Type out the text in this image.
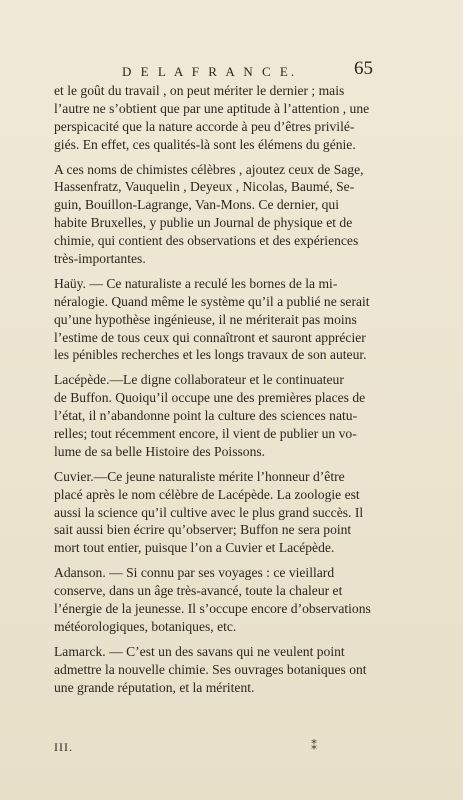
D E L A F R A N C E.	65
et le goût du travail , on peut mériter le dernier ; mais
l’autre ne s’obtient que par une aptitude à l’attention , une
perspicacité que la nature accorde à peu d’êtres privilé-
giés. En effet, ces qualités-là sont les élémens du génie.
A ces noms de chimistes célèbres , ajoutez ceux de Sage,
Hassenfratz, Vauquelin , Deyeux , Nicolas, Baumé, Se-
guin, Bouillon-Lagrange, Van-Mons. Ce dernier, qui
habite Bruxelles, y publie un Journal de physique et de
chimie, qui contient des observations et des expériences
très-importantes.
Haüy. — Ce naturaliste a reculé les bornes de la mi-
néralogie. Quand même le système qu’il a publié ne serait
qu’une hypothèse ingénieuse, il ne mériterait pas moins
l’estime de tous ceux qui connaîtront et sauront apprécier
les pénibles recherches et les longs travaux de son auteur.
Lacépède.—Le digne collaborateur et le continuateur
de Buffon. Quoiqu’il occupe une des premières places de
l’état, il n’abandonne point la culture des sciences natu-
relles; tout récemment encore, il vient de publier un vo-
lume de sa belle Histoire des Poissons.
Cuvier.—Ce jeune naturaliste mérite l’honneur d’être
placé après le nom célèbre de Lacépède. La zoologie est
aussi la science qu’il cultive avec le plus grand succès. Il
sait aussi bien écrire qu’observer; Buffon ne sera point
mort tout entier, puisque l’on a Cuvier et Lacépède.
Adanson. — Si connu par ses voyages : ce vieillard
conserve, dans un âge très-avancé, toute la chaleur et
l’énergie de la jeunesse. Il s’occupe encore d’observations
météorologiques, botaniques, etc.
Lamarck. — C’est un des savans qui ne veulent point
admettre la nouvelle chimie. Ses ouvrages botaniques ont
une grande réputation, et la méritent.
III.	⁑
